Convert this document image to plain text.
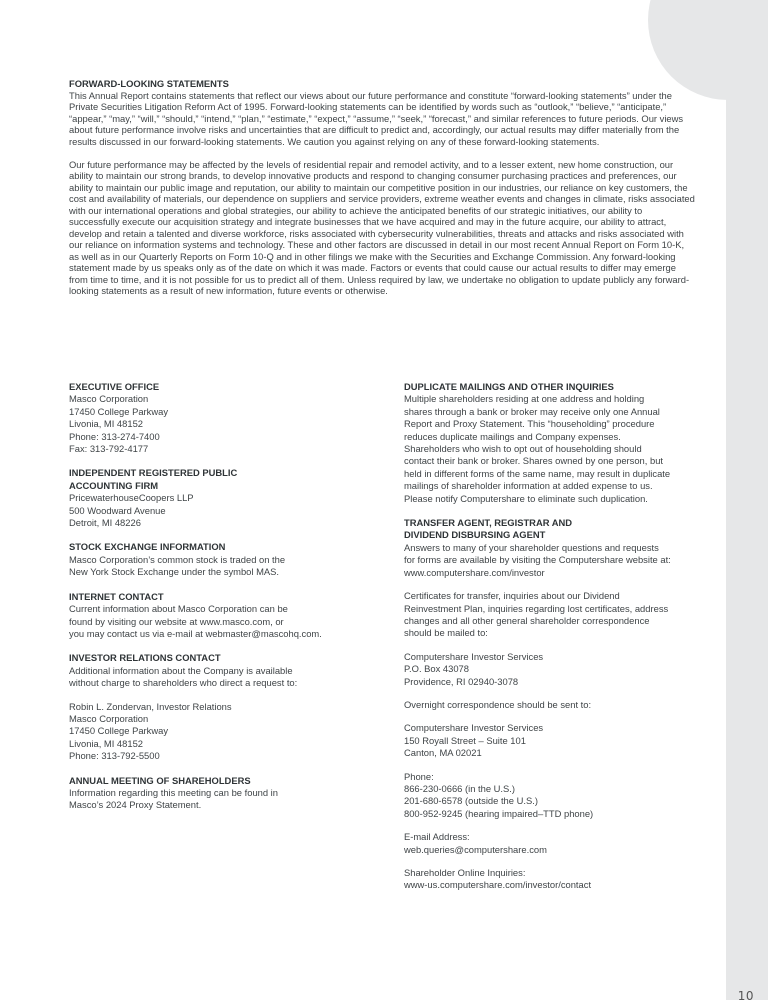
FORWARD-LOOKING STATEMENTS

This Annual Report contains statements that reflect our views about our future performance and constitute “forward-looking statements” under the Private Securities Litigation Reform Act of 1995. Forward-looking statements can be identified by words such as “outlook,” “believe,” “anticipate,” “appear,” “may,” “will,” “should,” “intend,” “plan,” “estimate,” “expect,” “assume,” “seek,” “forecast,” and similar references to future periods. Our views about future performance involve risks and uncertainties that are difficult to predict and, accordingly, our actual results may differ materially from the results discussed in our forward-looking statements. We caution you against relying on any of these forward-looking statements.

Our future performance may be affected by the levels of residential repair and remodel activity, and to a lesser extent, new home construction, our ability to maintain our strong brands, to develop innovative products and respond to changing consumer purchasing practices and preferences, our ability to maintain our public image and reputation, our ability to maintain our competitive position in our industries, our reliance on key customers, the cost and availability of materials, our dependence on suppliers and service providers, extreme weather events and changes in climate, risks associated with our international operations and global strategies, our ability to achieve the anticipated benefits of our strategic initiatives, our ability to successfully execute our acquisition strategy and integrate businesses that we have acquired and may in the future acquire, our ability to attract, develop and retain a talented and diverse workforce, risks associated with cybersecurity vulnerabilities, threats and attacks and risks associated with our reliance on information systems and technology. These and other factors are discussed in detail in our most recent Annual Report on Form 10-K, as well as in our Quarterly Reports on Form 10-Q and in other filings we make with the Securities and Exchange Commission. Any forward-looking statement made by us speaks only as of the date on which it was made. Factors or events that could cause our actual results to differ may emerge from time to time, and it is not possible for us to predict all of them. Unless required by law, we undertake no obligation to update publicly any forward-looking statements as a result of new information, future events or otherwise.

EXECUTIVE OFFICE

Masco Corporation
17450 College Parkway
Livonia, MI 48152
Phone: 313-274-7400
Fax: 313-792-4177

INDEPENDENT REGISTERED PUBLIC

ACCOUNTING FIRM

PricewaterhouseCoopers LLP
500 Woodward Avenue
Detroit, MI 48226

STOCK EXCHANGE INFORMATION

Masco Corporation’s common stock is traded on the
New York Stock Exchange under the symbol MAS.

INTERNET CONTACT

Current information about Masco Corporation can be
found by visiting our website at www.masco.com, or
you may contact us via e-mail at webmaster@mascohq.com.

INVESTOR RELATIONS CONTACT

Additional information about the Company is available
without charge to shareholders who direct a request to:
Robin L. Zondervan, Investor Relations
Masco Corporation
17450 College Parkway
Livonia, MI 48152
Phone: 313-792-5500

ANNUAL MEETING OF SHAREHOLDERS

Information regarding this meeting can be found in
Masco’s 2024 Proxy Statement.

DUPLICATE MAILINGS AND OTHER INQUIRIES

Multiple shareholders residing at one address and holding
shares through a bank or broker may receive only one Annual
Report and Proxy Statement. This “householding” procedure
reduces duplicate mailings and Company expenses.
Shareholders who wish to opt out of householding should
contact their bank or broker. Shares owned by one person, but
held in different forms of the same name, may result in duplicate
mailings of shareholder information at added expense to us.
Please notify Computershare to eliminate such duplication.

TRANSFER AGENT, REGISTRAR AND

DIVIDEND DISBURSING AGENT

Answers to many of your shareholder questions and requests
for forms are available by visiting the Computershare website at:
www.computershare.com/investor
Certificates for transfer, inquiries about our Dividend
Reinvestment Plan, inquiries regarding lost certificates, address
changes and all other general shareholder correspondence
should be mailed to:
Computershare Investor Services
P.O. Box 43078
Providence, RI 02940-3078
Overnight correspondence should be sent to:
Computershare Investor Services
150 Royall Street – Suite 101
Canton, MA 02021
Phone:
866-230-0666 (in the U.S.)
201-680-6578 (outside the U.S.)
800-952-9245 (hearing impaired–TTD phone)
E-mail Address:
web.queries@computershare.com
Shareholder Online Inquiries:
www-us.computershare.com/investor/contact
10
